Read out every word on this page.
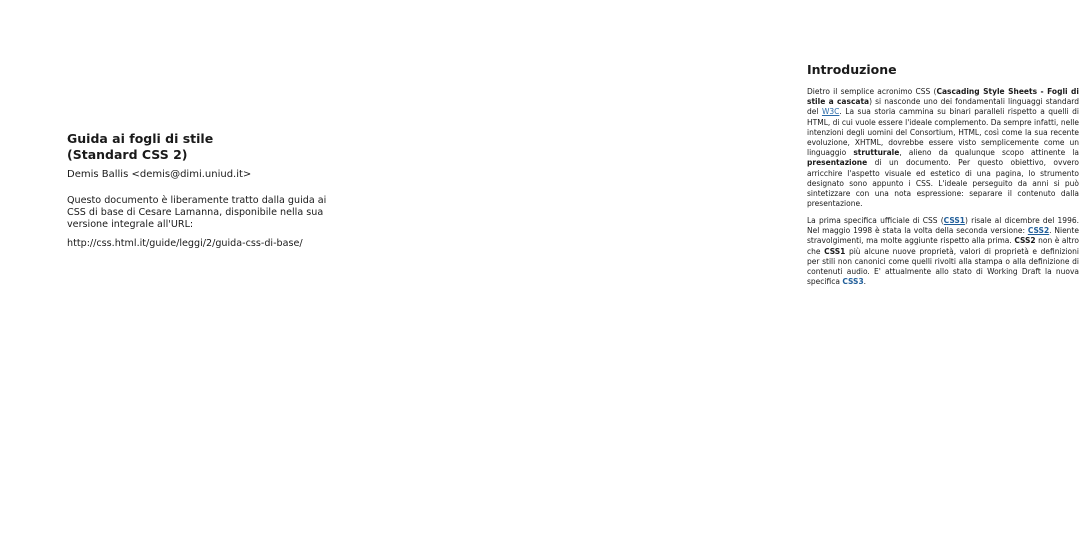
Guida ai fogli di stile
(Standard CSS 2)

Demis Ballis <demis@dimi.uniud.it>

Questo documento è liberamente tratto dalla guida ai CSS di base di Cesare Lamanna, disponibile nella sua versione integrale all'URL:

http://css.html.it/guide/leggi/2/guida-css-di-base/

Introduzione

Dietro il semplice acronimo CSS (Cascading Style Sheets - Fogli di stile a cascata) si nasconde uno dei fondamentali linguaggi standard del W3C. La sua storia cammina su binari paralleli rispetto a quelli di HTML, di cui vuole essere l'ideale complemento. Da sempre infatti, nelle intenzioni degli uomini del Consortium, HTML, così come la sua recente evoluzione, XHTML, dovrebbe essere visto semplicemente come un linguaggio strutturale, alieno da qualunque scopo attinente la presentazione di un documento. Per questo obiettivo, ovvero arricchire l'aspetto visuale ed estetico di una pagina, lo strumento designato sono appunto i CSS. L'ideale perseguito da anni si può sintetizzare con una nota espressione: separare il contenuto dalla presentazione.

La prima specifica ufficiale di CSS (CSS1) risale al dicembre del 1996. Nel maggio 1998 è stata la volta della seconda versione: CSS2. Niente stravolgimenti, ma molte aggiunte rispetto alla prima. CSS2 non è altro che CSS1 più alcune nuove proprietà, valori di proprietà e definizioni per stili non canonici come quelli rivolti alla stampa o alla definizione di contenuti audio. E' attualmente allo stato di Working Draft la nuova specifica CSS3.
